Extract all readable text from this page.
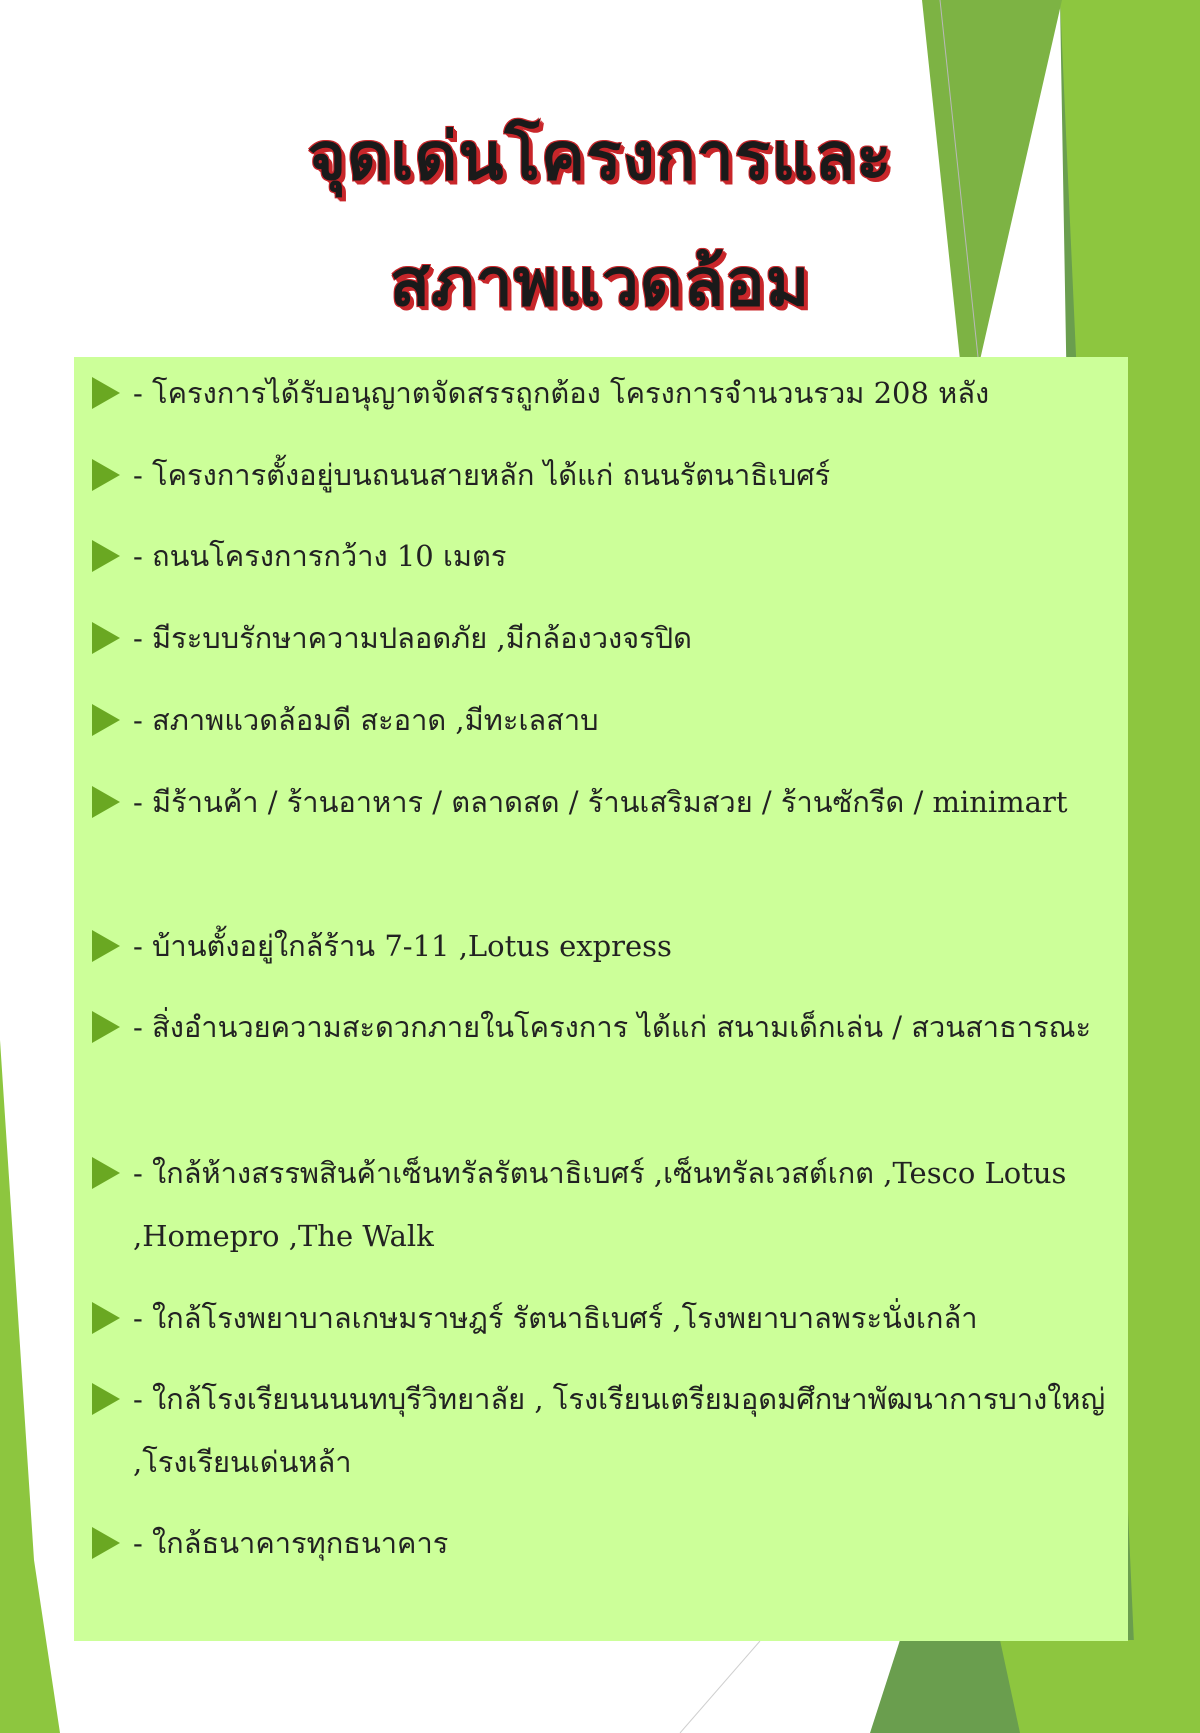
จุดเด่นโครงการและ
สภาพแวดล้อม
- โครงการได้รับอนุญาตจัดสรรถูกต้อง โครงการจำนวนรวม 208 หลัง
- โครงการตั้งอยู่บนถนนสายหลัก ได้แก่ ถนนรัตนาธิเบศร์
- ถนนโครงการกว้าง 10 เมตร
- มีระบบรักษาความปลอดภัย ,มีกล้องวงจรปิด
- สภาพแวดล้อมดี สะอาด ,มีทะเลสาบ
- มีร้านค้า / ร้านอาหาร / ตลาดสด / ร้านเสริมสวย / ร้านซักรีด / minimart
- บ้านตั้งอยู่ใกล้ร้าน 7-11 ,Lotus express
- สิ่งอำนวยความสะดวกภายในโครงการ ได้แก่ สนามเด็กเล่น / สวนสาธารณะ
- ใกล้ห้างสรรพสินค้าเซ็นทรัลรัตนาธิเบศร์ ,เซ็นทรัลเวสต์เกต ,Tesco Lotus ,Homepro ,The Walk
- ใกล้โรงพยาบาลเกษมราษฎร์ รัตนาธิเบศร์ ,โรงพยาบาลพระนั่งเกล้า
- ใกล้โรงเรียนนนนทบุรีวิทยาลัย , โรงเรียนเตรียมอุดมศึกษาพัฒนาการบางใหญ่ ,โรงเรียนเด่นหล้า
- ใกล้ธนาคารทุกธนาคาร
